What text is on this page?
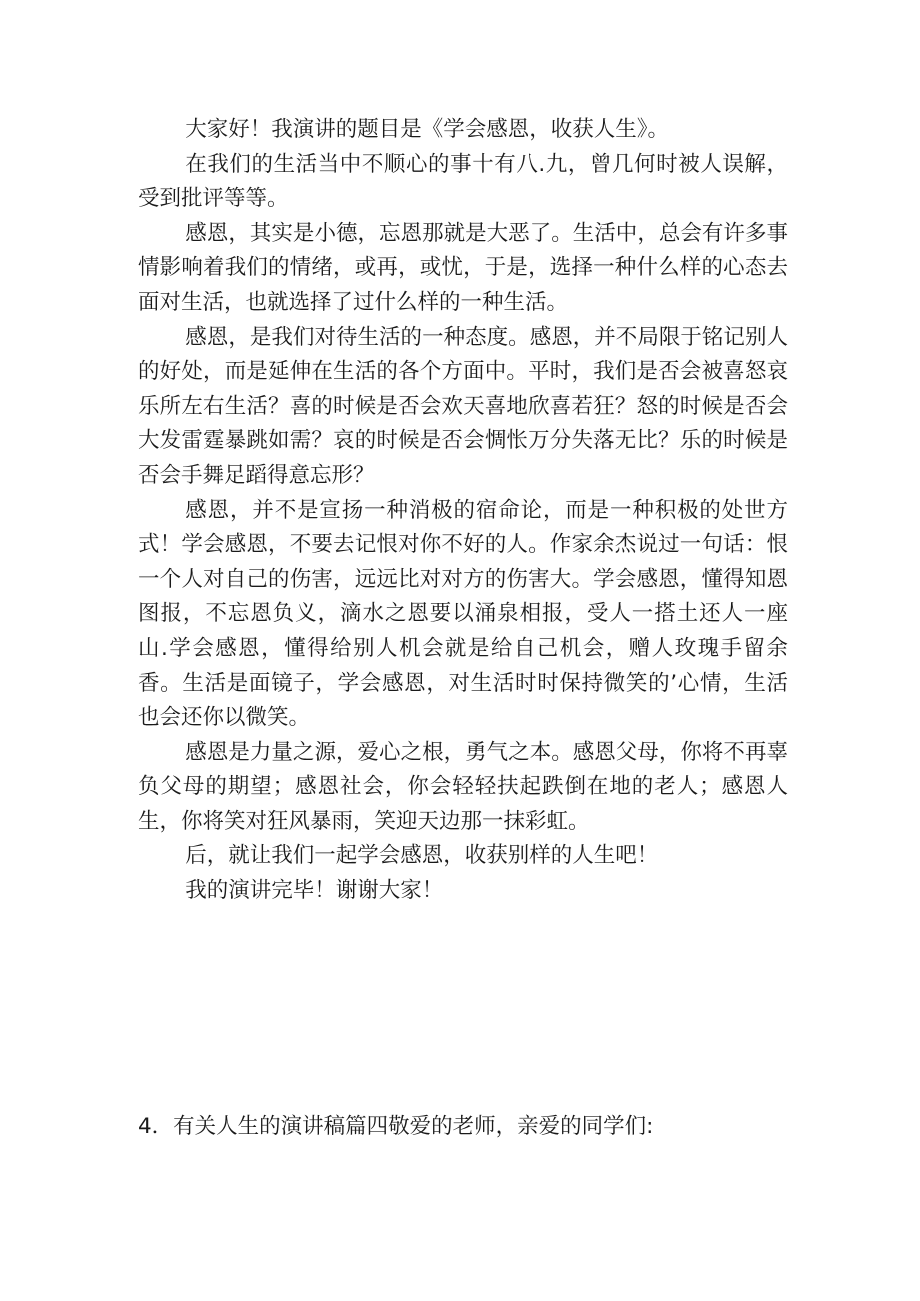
大家好！我演讲的题目是《学会感恩，收获人生》。

在我们的生活当中不顺心的事十有八.九，曾几何时被人误解，受到批评等等。

感恩，其实是小德，忘恩那就是大恶了。生活中，总会有许多事情影响着我们的情绪，或再，或忧，于是，选择一种什么样的心态去面对生活，也就选择了过什么样的一种生活。

感恩，是我们对待生活的一种态度。感恩，并不局限于铭记别人的好处，而是延伸在生活的各个方面中。平时，我们是否会被喜怒哀乐所左右生活？喜的时候是否会欢天喜地欣喜若狂？怒的时候是否会大发雷霆暴跳如需？哀的时候是否会惆怅万分失落无比？乐的时候是否会手舞足蹈得意忘形？

感恩，并不是宣扬一种消极的宿命论，而是一种积极的处世方式！学会感恩，不要去记恨对你不好的人。作家余杰说过一句话：恨一个人对自己的伤害，远远比对对方的伤害大。学会感恩，懂得知恩图报，不忘恩负义，滴水之恩要以涌泉相报，受人一搭土还人一座山.学会感恩，懂得给别人机会就是给自己机会，赠人玫瑰手留余香。生活是面镜子，学会感恩，对生活时时保持微笑的’心情，生活也会还你以微笑。

感恩是力量之源，爱心之根，勇气之本。感恩父母，你将不再辜负父母的期望；感恩社会，你会轻轻扶起跌倒在地的老人；感恩人生，你将笑对狂风暴雨，笑迎天边那一抹彩虹。

后，就让我们一起学会感恩，收获别样的人生吧！

我的演讲完毕！谢谢大家！

4．有关人生的演讲稿篇四敬爱的老师，亲爱的同学们:
